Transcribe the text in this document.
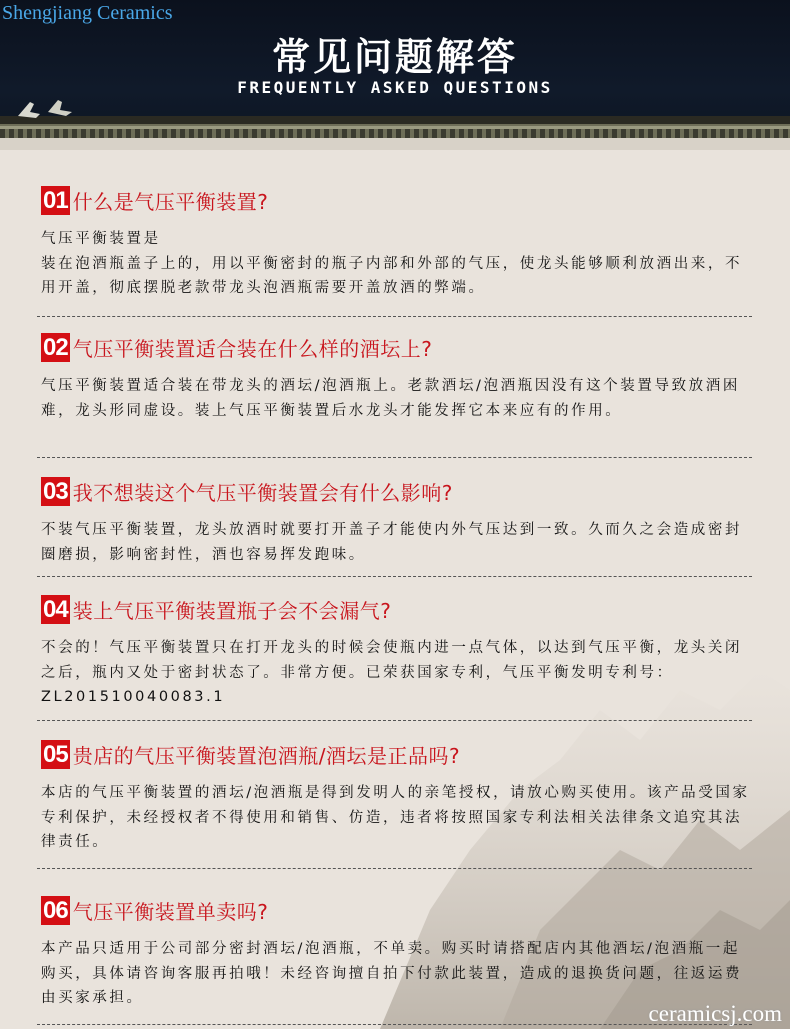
Shengjiang Ceramics
常见问题解答
FREQUENTLY ASKED QUESTIONS
01 什么是气压平衡装置?
气压平衡装置是
装在泡酒瓶盖子上的，用以平衡密封的瓶子内部和外部的气压，使龙头能够顺利放酒出来，不用开盖，彻底摆脱老款带龙头泡酒瓶需要开盖放酒的弊端。
02 气压平衡装置适合装在什么样的酒坛上?
气压平衡装置适合装在带龙头的酒坛/泡酒瓶上。老款酒坛/泡酒瓶因没有这个装置导致放酒困难，龙头形同虚设。装上气压平衡装置后水龙头才能发挥它本来应有的作用。
03 我不想装这个气压平衡装置会有什么影响?
不装气压平衡装置，龙头放酒时就要打开盖子才能使内外气压达到一致。久而久之会造成密封圈磨损，影响密封性，酒也容易挥发跑味。
04 装上气压平衡装置瓶子会不会漏气?
不会的！气压平衡装置只在打开龙头的时候会使瓶内进一点气体，以达到气压平衡，龙头关闭之后，瓶内又处于密封状态了。非常方便。已荣获国家专利，气压平衡发明专利号：ZL201510040083.1
05 贵店的气压平衡装置泡酒瓶/酒坛是正品吗?
本店的气压平衡装置的酒坛/泡酒瓶是得到发明人的亲笔授权，请放心购买使用。该产品受国家专利保护，未经授权者不得使用和销售、仿造，违者将按照国家专利法相关法律条文追究其法律责任。
06 气压平衡装置单卖吗?
本产品只适用于公司部分密封酒坛/泡酒瓶，不单卖。购买时请搭配店内其他酒坛/泡酒瓶一起购买，具体请咨询客服再拍哦！未经咨询擅自拍下付款此装置，造成的退换货问题，往返运费由买家承担。
ceramicsj.com
